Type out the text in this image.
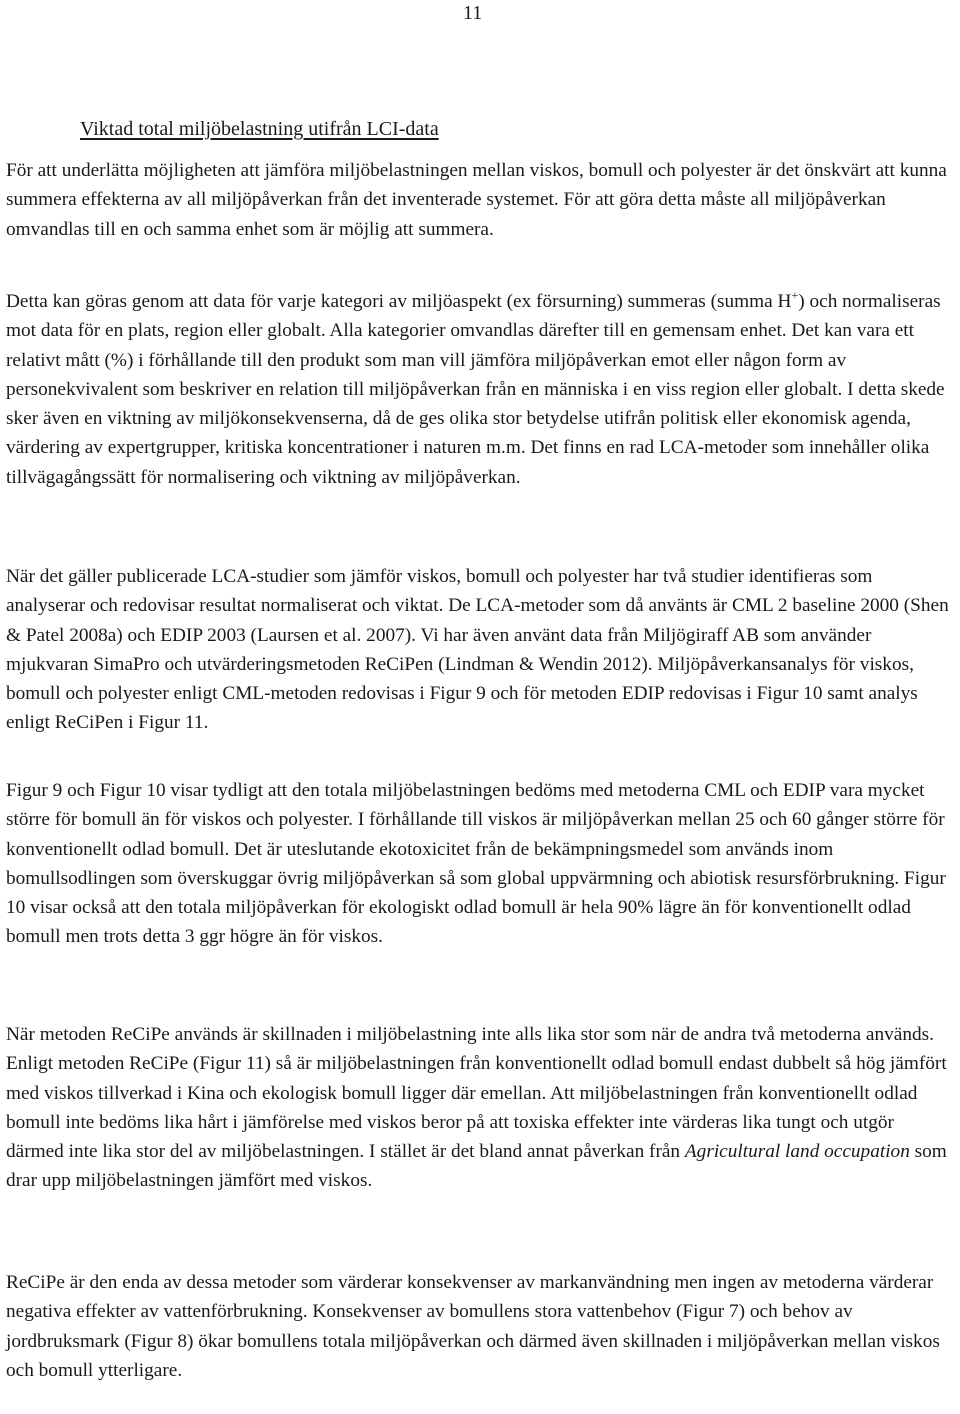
11
Viktad total miljöbelastning utifrån LCI-data

För att underlätta möjligheten att jämföra miljöbelastningen mellan viskos, bomull och polyester är det önskvärt att kunna summera effekterna av all miljöpåverkan från det inventerade systemet. För att göra detta måste all miljöpåverkan omvandlas till en och samma enhet som är möjlig att summera.

Detta kan göras genom att data för varje kategori av miljöaspekt (ex försurning) summeras (summa H+) och normaliseras mot data för en plats, region eller globalt. Alla kategorier omvandlas därefter till en gemensam enhet. Det kan vara ett relativt mått (%) i förhållande till den produkt som man vill jämföra miljöpåverkan emot eller någon form av personekvivalent som beskriver en relation till miljöpåverkan från en människa i en viss region eller globalt. I detta skede sker även en viktning av miljökonsekvenserna, då de ges olika stor betydelse utifrån politisk eller ekonomisk agenda, värdering av expertgrupper, kritiska koncentrationer i naturen m.m. Det finns en rad LCA-metoder som innehåller olika tillvägagångssätt för normalisering och viktning av miljöpåverkan.

När det gäller publicerade LCA-studier som jämför viskos, bomull och polyester har två studier identifieras som analyserar och redovisar resultat normaliserat och viktat. De LCA-metoder som då använts är CML 2 baseline 2000 (Shen & Patel 2008a) och EDIP 2003 (Laursen et al. 2007). Vi har även använt data från Miljögiraff AB som använder mjukvaran SimaPro och utvärderingsmetoden ReCiPen (Lindman & Wendin 2012). Miljöpåverkansanalys för viskos, bomull och polyester enligt CML-metoden redovisas i Figur 9 och för metoden EDIP redovisas i Figur 10 samt analys enligt ReCiPen i Figur 11.

Figur 9 och Figur 10 visar tydligt att den totala miljöbelastningen bedöms med metoderna CML och EDIP vara mycket större för bomull än för viskos och polyester. I förhållande till viskos är miljöpåverkan mellan 25 och 60 gånger större för konventionellt odlad bomull. Det är uteslutande ekotoxicitet från de bekämpningsmedel som används inom bomullsodlingen som överskuggar övrig miljöpåverkan så som global uppvärmning och abiotisk resursförbrukning. Figur 10 visar också att den totala miljöpåverkan för ekologiskt odlad bomull är hela 90% lägre än för konventionellt odlad bomull men trots detta 3 ggr högre än för viskos.

När metoden ReCiPe används är skillnaden i miljöbelastning inte alls lika stor som när de andra två metoderna används. Enligt metoden ReCiPe (Figur 11) så är miljöbelastningen från konventionellt odlad bomull endast dubbelt så hög jämfört med viskos tillverkad i Kina och ekologisk bomull ligger där emellan. Att miljöbelastningen från konventionellt odlad bomull inte bedöms lika hårt i jämförelse med viskos beror på att toxiska effekter inte värderas lika tungt och utgör därmed inte lika stor del av miljöbelastningen. I stället är det bland annat påverkan från Agricultural land occupation som drar upp miljöbelastningen jämfört med viskos.

ReCiPe är den enda av dessa metoder som värderar konsekvenser av markanvändning men ingen av metoderna värderar negativa effekter av vattenförbrukning. Konsekvenser av bomullens stora vattenbehov (Figur 7) och behov av jordbruksmark (Figur 8) ökar bomullens totala miljöpåverkan och därmed även skillnaden i miljöpåverkan mellan viskos och bomull ytterligare.
